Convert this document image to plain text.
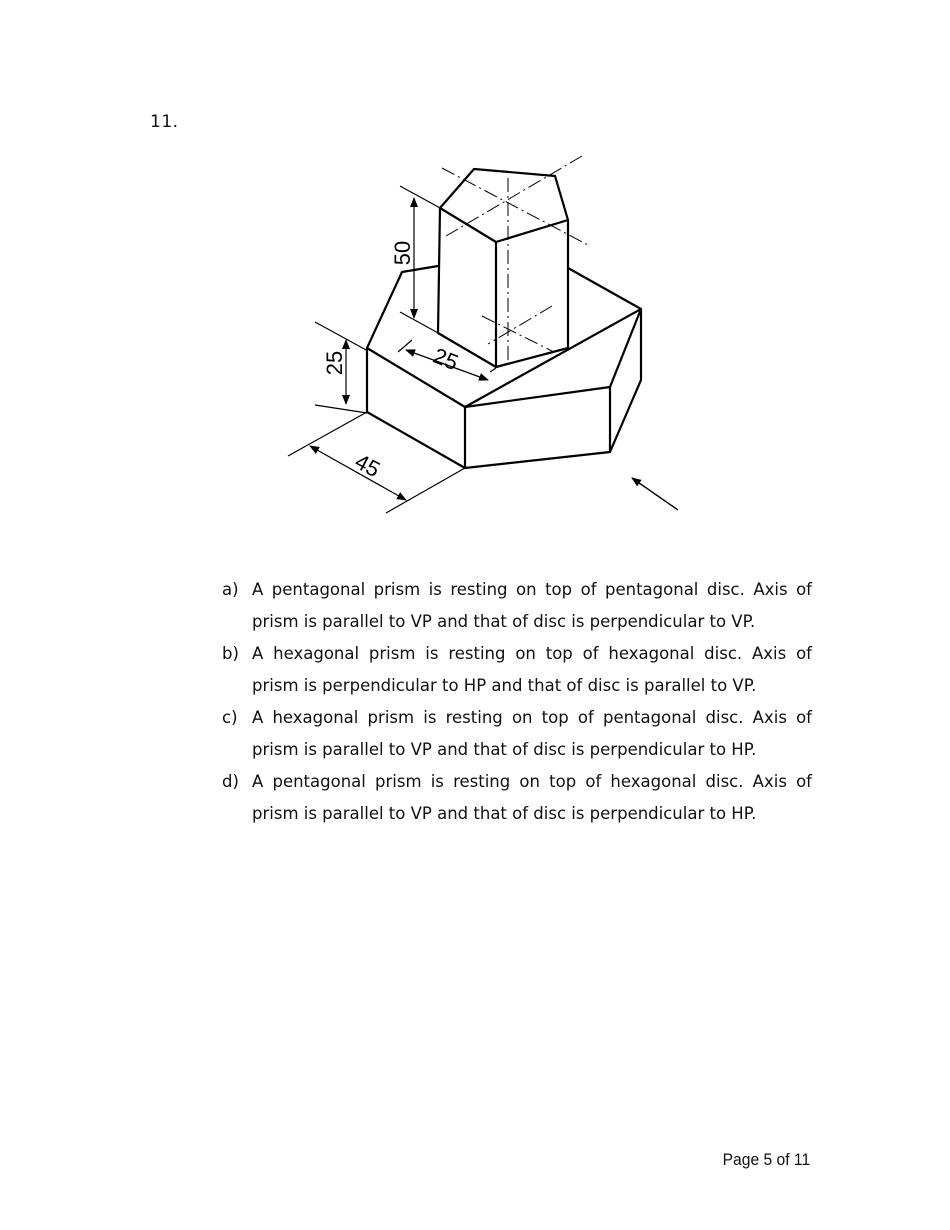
11.
50
25	25
45
a) A pentagonal prism is resting on top of pentagonal disc. Axis of prism is parallel to VP and that of disc is perpendicular to VP.
b) A hexagonal prism is resting on top of hexagonal disc. Axis of prism is perpendicular to HP and that of disc is parallel to VP.
c) A hexagonal prism is resting on top of pentagonal disc. Axis of prism is parallel to VP and that of disc is perpendicular to HP.
d) A pentagonal prism is resting on top of hexagonal disc. Axis of prism is parallel to VP and that of disc is perpendicular to HP.
Page 5 of 11
